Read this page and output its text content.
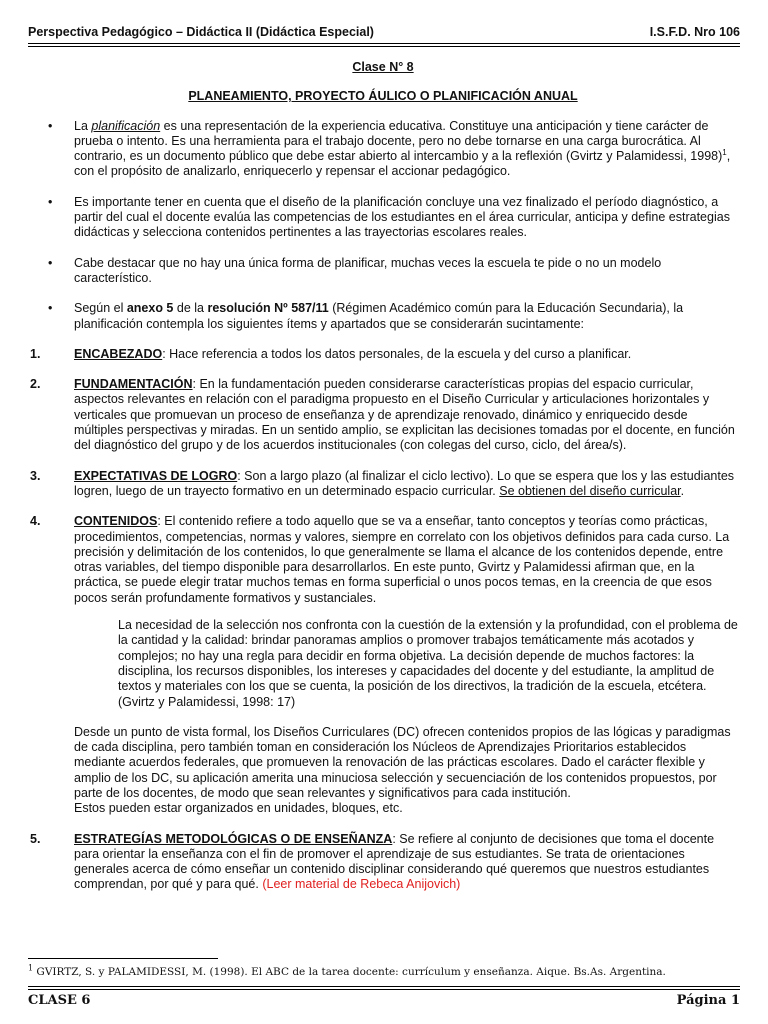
Perspectiva Pedagógico – Didáctica II (Didáctica Especial)	I.S.F.D. Nro 106
Clase N° 8
PLANEAMIENTO, PROYECTO ÁULICO O PLANIFICACIÓN ANUAL
• La planificación es una representación de la experiencia educativa. Constituye una anticipación y tiene carácter de prueba o intento. Es una herramienta para el trabajo docente, pero no debe tornarse en una carga burocrática. Al contrario, es un documento público que debe estar abierto al intercambio y a la reflexión (Gvirtz y Palamidessi, 1998)$^1$, con el propósito de analizarlo, enriquecerlo y repensar el accionar pedagógico.
• Es importante tener en cuenta que el diseño de la planificación concluye una vez finalizado el período diagnóstico, a partir del cual el docente evalúa las competencias de los estudiantes en el área curricular, anticipa y define estrategias didácticas y selecciona contenidos pertinentes a las trayectorias escolares reales.
• Cabe destacar que no hay una única forma de planificar, muchas veces la escuela te pide o no un modelo característico.
• Según el anexo 5 de la resolución Nº 587/11 (Régimen Académico común para la Educación Secundaria), la planificación contempla los siguientes ítems y apartados que se considerarán sucintamente:
1.	ENCABEZADO: Hace referencia a todos los datos personales, de la escuela y del curso a planificar.
2.	FUNDAMENTACIÓN: En la fundamentación pueden considerarse características propias del espacio curricular, aspectos relevantes en relación con el paradigma propuesto en el Diseño Curricular y articulaciones horizontales y verticales que promuevan un proceso de enseñanza y de aprendizaje renovado, dinámico y enriquecido desde múltiples perspectivas y miradas. En un sentido amplio, se explicitan las decisiones tomadas por el docente, en función del diagnóstico del grupo y de los acuerdos institucionales (con colegas del curso, ciclo, del área/s).
3.	EXPECTATIVAS DE LOGRO: Son a largo plazo (al finalizar el ciclo lectivo). Lo que se espera que los y las estudiantes logren, luego de un trayecto formativo en un determinado espacio curricular. Se obtienen del diseño curricular.
4.	CONTENIDOS: El contenido refiere a todo aquello que se va a enseñar, tanto conceptos y teorías como prácticas, procedimientos, competencias, normas y valores, siempre en correlato con los objetivos definidos para cada curso. La precisión y delimitación de los contenidos, lo que generalmente se llama el alcance de los contenidos depende, entre otras variables, del tiempo disponible para desarrollarlos. En este punto, Gvirtz y Palamidessi afirman que, en la práctica, se puede elegir tratar muchos temas en forma superficial o unos pocos temas, en la creencia de que esos pocos serán profundamente formativos y sustanciales.
La necesidad de la selección nos confronta con la cuestión de la extensión y la profundidad, con el problema de la cantidad y la calidad: brindar panoramas amplios o promover trabajos temáticamente más acotados y complejos; no hay una regla para decidir en forma objetiva. La decisión depende de muchos factores: la disciplina, los recursos disponibles, los intereses y capacidades del docente y del estudiante, la amplitud de textos y materiales con los que se cuenta, la posición de los directivos, la tradición de la escuela, etcétera. (Gvirtz y Palamidessi, 1998: 17)
Desde un punto de vista formal, los Diseños Curriculares (DC) ofrecen contenidos propios de las lógicas y paradigmas de cada disciplina, pero también toman en consideración los Núcleos de Aprendizajes Prioritarios establecidos mediante acuerdos federales, que promueven la renovación de las prácticas escolares. Dado el carácter flexible y amplio de los DC, su aplicación amerita una minuciosa selección y secuenciación de los contenidos propuestos, por parte de los docentes, de modo que sean relevantes y significativos para cada institución.
Estos pueden estar organizados en unidades, bloques, etc.
5.	ESTRATEGÍAS METODOLÓGICAS O DE ENSEÑANZA: Se refiere al conjunto de decisiones que toma el docente para orientar la enseñanza con el fin de promover el aprendizaje de sus estudiantes. Se trata de orientaciones generales acerca de cómo enseñar un contenido disciplinar considerando qué queremos que nuestros estudiantes comprendan, por qué y para qué. (Leer material de Rebeca Anijovich)
$^1$ GVIRTZ, S. y PALAMIDESSI, M. (1998). El ABC de la tarea docente: currículum y enseñanza. Aique. Bs.As. Argentina.
CLASE 6	Página 1
